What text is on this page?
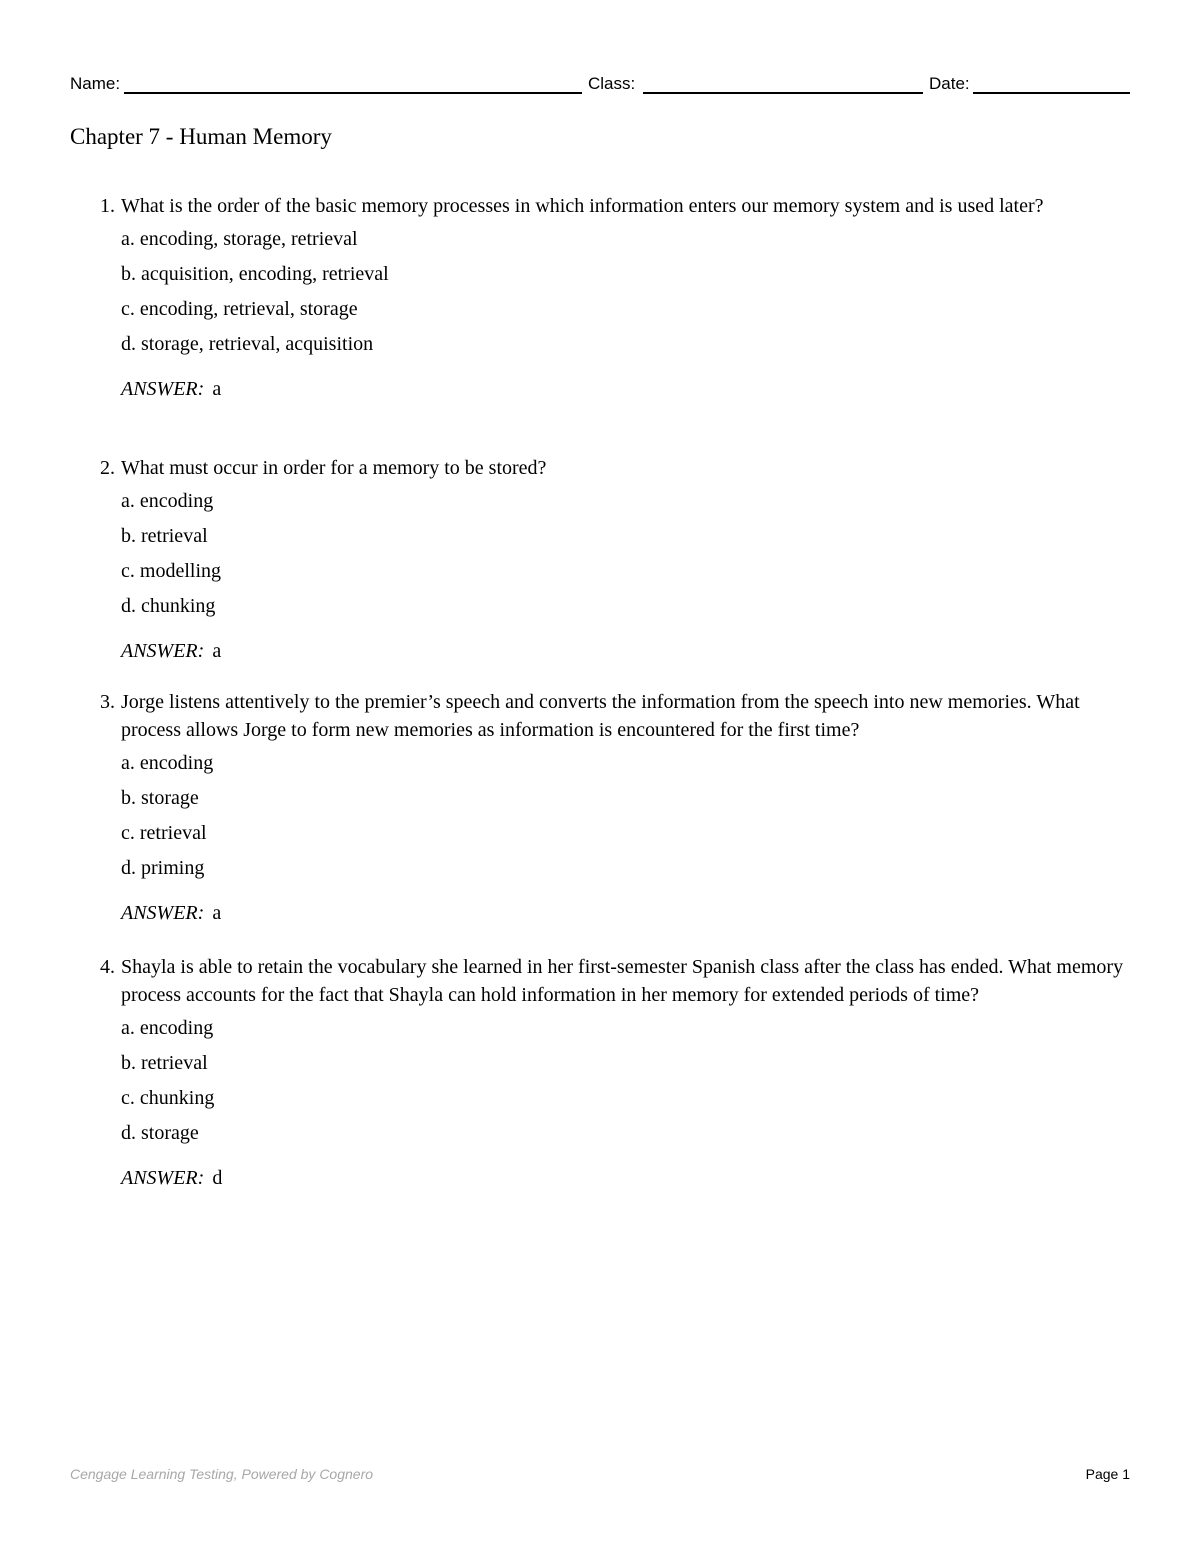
Name:	Class:	Date:
Chapter 7 - Human Memory

1. What is the order of the basic memory processes in which information enters our memory system and is used later?

a. encoding, storage, retrieval
b. acquisition, encoding, retrieval
c. encoding, retrieval, storage
d. storage, retrieval, acquisition
ANSWER: a

2. What must occur in order for a memory to be stored?

a. encoding
b. retrieval
c. modelling
d. chunking
ANSWER: a

3. Jorge listens attentively to the premier’s speech and converts the information from the speech into new memories. What process allows Jorge to form new memories as information is encountered for the first time?

a. encoding
b. storage
c. retrieval
d. priming
ANSWER: a

4. Shayla is able to retain the vocabulary she learned in her first-semester Spanish class after the class has ended. What memory process accounts for the fact that Shayla can hold information in her memory for extended periods of time?

a. encoding
b. retrieval
c. chunking
d. storage
ANSWER: d
Cengage Learning Testing, Powered by Cognero	Page 1
